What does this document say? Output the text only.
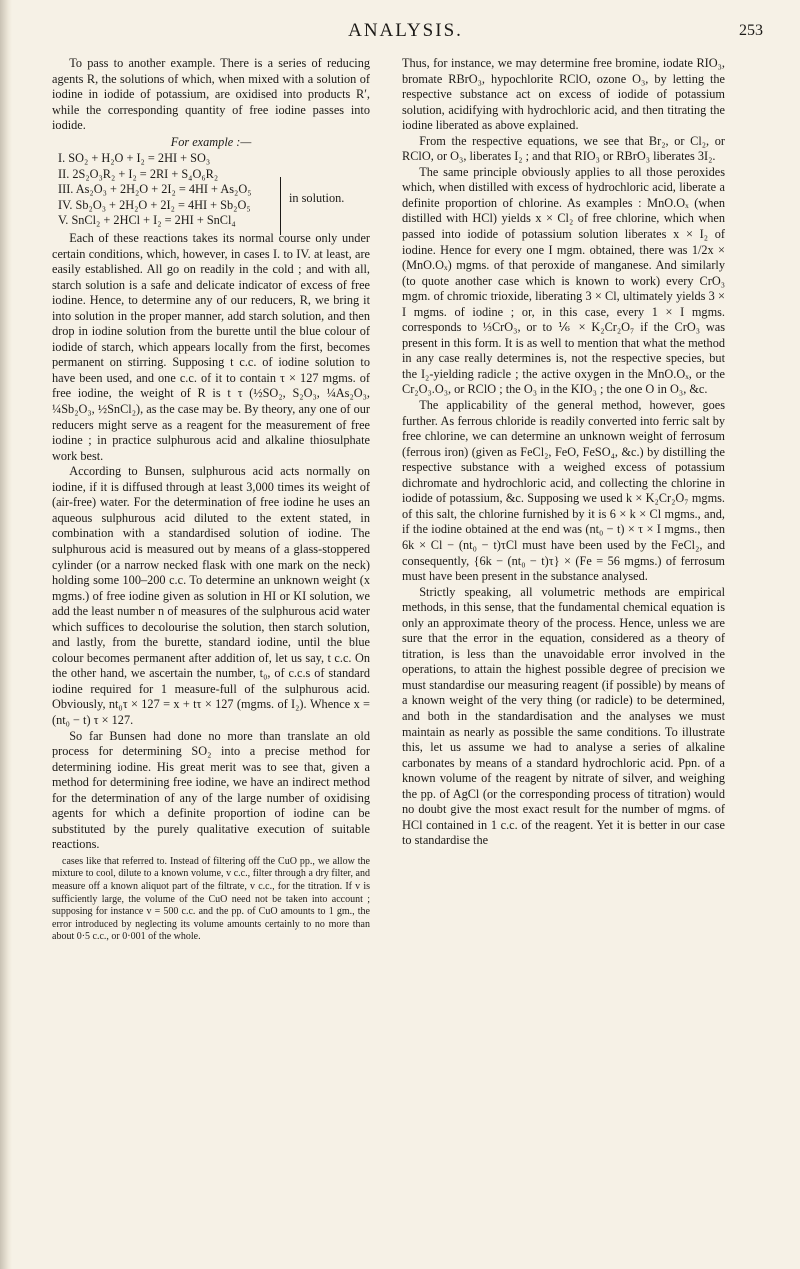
ANALYSIS.	253

To pass to another example. There is a series of reducing agents R, the solutions of which, when mixed with a solution of iodine in iodide of potassium, are oxidised into products R′, while the corresponding quantity of free iodine passes into iodide.

For example :—
I. SO₂ + H₂O + I₂ = 2HI + SO₃
II. 2S₂O₃R₂ + I₂ = 2RI + S₄O₆R₂
III. As₂O₃ + 2H₂O + 2I₂ = 4HI + As₂O₅
IV. Sb₂O₃ + 2H₂O + 2I₂ = 4HI + Sb₂O₅
V. SnCl₂ + 2HCl + I₂ = 2HI + SnCl₄
in solution.

Each of these reactions takes its normal course only under certain conditions, which, however, in cases I. to IV. at least, are easily established. All go on readily in the cold ; and with all, starch solution is a safe and delicate indicator of excess of free iodine. Hence, to determine any of our reducers, R, we bring it into solution in the proper manner, add starch solution, and then drop in iodine solution from the burette until the blue colour of iodide of starch, which appears locally from the first, becomes permanent on stirring. Supposing t c.c. of iodine solution to have been used, and one c.c. of it to contain τ × 127 mgms. of free iodine, the weight of R is t τ (½SO₂, S₂O₃, ¼As₂O₃, ¼Sb₂O₃, ½SnCl₂), as the case may be. By theory, any one of our reducers might serve as a reagent for the measurement of free iodine ; in practice sulphurous acid and alkaline thiosulphate work best.

According to Bunsen, sulphurous acid acts normally on iodine, if it is diffused through at least 3,000 times its weight of (air-free) water. For the determination of free iodine he uses an aqueous sulphurous acid diluted to the extent stated, in combination with a standardised solution of iodine. The sulphurous acid is measured out by means of a glass-stoppered cylinder (or a narrow necked flask with one mark on the neck) holding some 100–200 c.c. To determine an unknown weight (x mgms.) of free iodine given as solution in HI or KI solution, we add the least number n of measures of the sulphurous acid water which suffices to decolourise the solution, then starch solution, and lastly, from the burette, standard iodine, until the blue colour becomes permanent after addition of, let us say, t c.c. On the other hand, we ascertain the number, t₀, of c.c.s of standard iodine required for 1 measure-full of the sulphurous acid. Obviously, nt₀τ × 127 = x + tτ × 127 (mgms. of I₂). Whence x = (nt₀ − t) τ × 127.

So far Bunsen had done no more than translate an old process for determining SO₂ into a precise method for determining iodine. His great merit was to see that, given a method for determining free iodine, we have an indirect method for the determination of any of the large number of oxidising agents for which a definite proportion of iodine can be substituted by the purely qualitative execution of suitable reactions.

cases like that referred to. Instead of filtering off the CuO pp., we allow the mixture to cool, dilute to a known volume, v c.c., filter through a dry filter, and measure off a known aliquot part of the filtrate, v c.c., for the titration. If v is sufficiently large, the volume of the CuO need not be taken into account ; supposing for instance v = 500 c.c. and the pp. of CuO amounts to 1 gm., the error introduced by neglecting its volume amounts certainly to no more than about 0·5 c.c., or 0·001 of the whole.

Thus, for instance, we may determine free bromine, iodate RIO₃, bromate RBrO₃, hypochlorite RClO, ozone O₃, by letting the respective substance act on excess of iodide of potassium solution, acidifying with hydrochloric acid, and then titrating the iodine liberated as above explained.

From the respective equations, we see that Br₂, or Cl₂, or RClO, or O₃, liberates I₂ ; and that RIO₃ or RBrO₃ liberates 3I₂.

The same principle obviously applies to all those peroxides which, when distilled with excess of hydrochloric acid, liberate a definite proportion of chlorine. As examples : MnO.Oₓ (when distilled with HCl) yields x × Cl₂ of free chlorine, which when passed into iodide of potassium solution liberates x × I₂ of iodine. Hence for every one I mgm. obtained, there was 1/2x × (MnO.Oₓ) mgms. of that peroxide of manganese. And similarly (to quote another case which is known to work) every CrO₃ mgm. of chromic trioxide, liberating 3 × Cl, ultimately yields 3 × I mgms. of iodine ; or, in this case, every 1 × I mgms. corresponds to ⅓CrO₃, or to ⅙ × K₂Cr₂O₇ if the CrO₃ was present in this form. It is as well to mention that what the method in any case really determines is, not the respective species, but the I₂-yielding radicle ; the active oxygen in the MnO.Oₓ, or the Cr₂O₃.O₃, or RClO ; the O₃ in the KIO₃ ; the one O in O₃, &c.

The applicability of the general method, however, goes further. As ferrous chloride is readily converted into ferric salt by free chlorine, we can determine an unknown weight of ferrosum (ferrous iron) (given as FeCl₂, FeO, FeSO₄, &c.) by distilling the respective substance with a weighed excess of potassium dichromate and hydrochloric acid, and collecting the chlorine in iodide of potassium, &c. Supposing we used k × K₂Cr₂O₇ mgms. of this salt, the chlorine furnished by it is 6 × k × Cl mgms., and, if the iodine obtained at the end was (nt₀ − t) × τ × I mgms., then 6k × Cl − (nt₀ − t)τCl must have been used by the FeCl₂, and consequently, {6k − (nt₀ − t)τ} × (Fe = 56 mgms.) of ferrosum must have been present in the substance analysed.

Strictly speaking, all volumetric methods are empirical methods, in this sense, that the fundamental chemical equation is only an approximate theory of the process. Hence, unless we are sure that the error in the equation, considered as a theory of titration, is less than the unavoidable error involved in the operations, to attain the highest possible degree of precision we must standardise our measuring reagent (if possible) by means of a known weight of the very thing (or radicle) to be determined, and both in the standardisation and the analyses we must maintain as nearly as possible the same conditions. To illustrate this, let us assume we had to analyse a series of alkaline carbonates by means of a standard hydrochloric acid. Ppn. of a known volume of the reagent by nitrate of silver, and weighing the pp. of AgCl (or the corresponding process of titration) would no doubt give the most exact result for the number of mgms. of HCl contained in 1 c.c. of the reagent. Yet it is better in our case to standardise the
